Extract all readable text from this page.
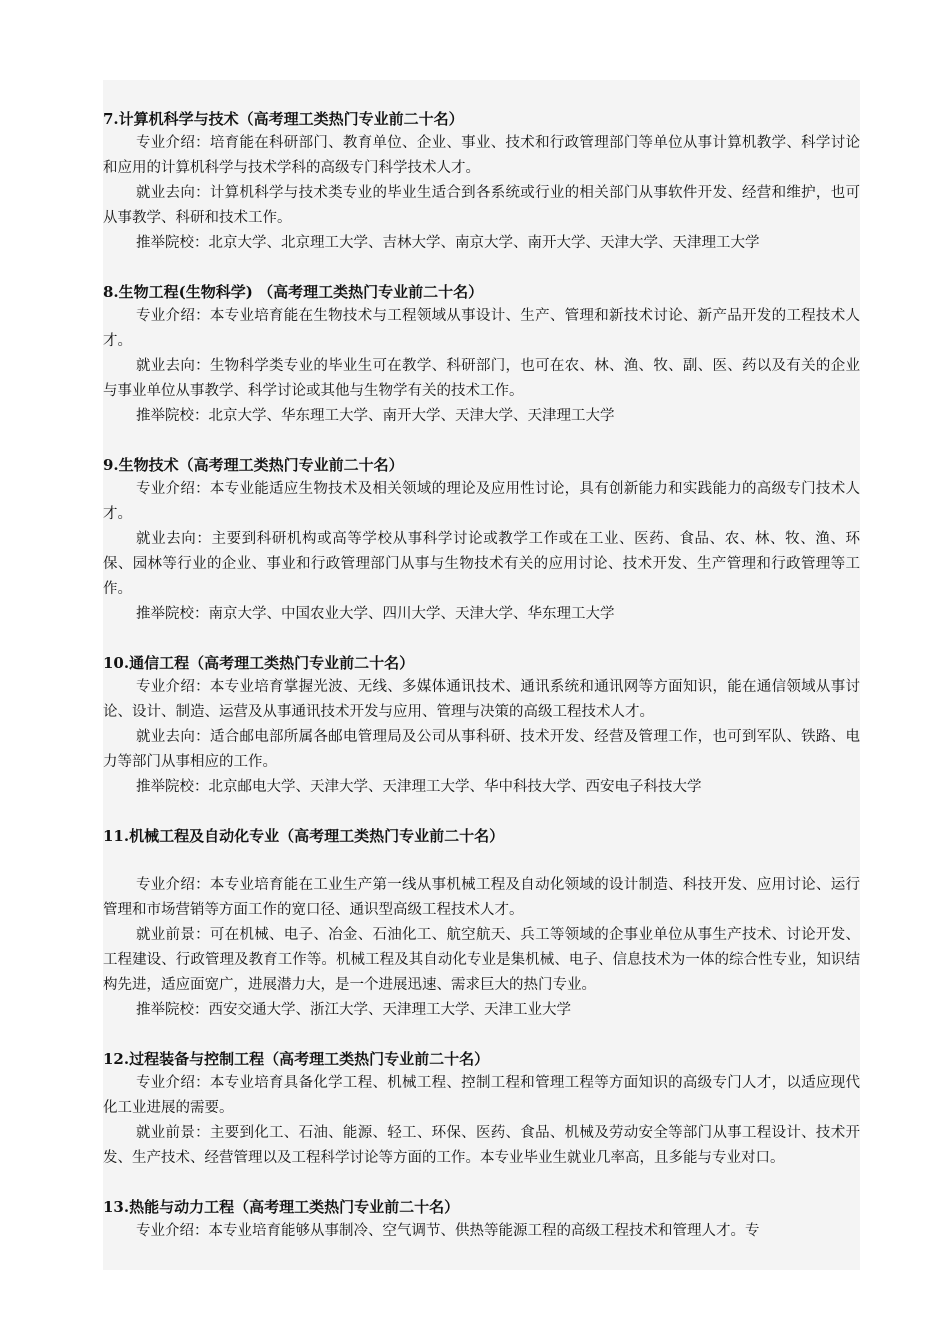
7.计算机科学与技术（高考理工类热门专业前二十名）
专业介绍：培育能在科研部门、教育单位、企业、事业、技术和行政管理部门等单位从事计算机教学、科学讨论和应用的计算机科学与技术学科的高级专门科学技术人才。
就业去向：计算机科学与技术类专业的毕业生适合到各系统或行业的相关部门从事软件开发、经营和维护，也可从事教学、科研和技术工作。
推举院校：北京大学、北京理工大学、吉林大学、南京大学、南开大学、天津大学、天津理工大学
8.生物工程(生物科学) （高考理工类热门专业前二十名）
专业介绍：本专业培育能在生物技术与工程领域从事设计、生产、管理和新技术讨论、新产品开发的工程技术人才。
就业去向：生物科学类专业的毕业生可在教学、科研部门，也可在农、林、渔、牧、副、医、药以及有关的企业与事业单位从事教学、科学讨论或其他与生物学有关的技术工作。
推举院校：北京大学、华东理工大学、南开大学、天津大学、天津理工大学
9.生物技术（高考理工类热门专业前二十名）
专业介绍：本专业能适应生物技术及相关领域的理论及应用性讨论，具有创新能力和实践能力的高级专门技术人才。
就业去向：主要到科研机构或高等学校从事科学讨论或教学工作或在工业、医药、食品、农、林、牧、渔、环保、园林等行业的企业、事业和行政管理部门从事与生物技术有关的应用讨论、技术开发、生产管理和行政管理等工作。
推举院校：南京大学、中国农业大学、四川大学、天津大学、华东理工大学
10.通信工程（高考理工类热门专业前二十名）
专业介绍：本专业培育掌握光波、无线、多媒体通讯技术、通讯系统和通讯网等方面知识，能在通信领域从事讨论、设计、制造、运营及从事通讯技术开发与应用、管理与决策的高级工程技术人才。
就业去向：适合邮电部所属各邮电管理局及公司从事科研、技术开发、经营及管理工作，也可到军队、铁路、电力等部门从事相应的工作。
推举院校：北京邮电大学、天津大学、天津理工大学、华中科技大学、西安电子科技大学
11.机械工程及自动化专业（高考理工类热门专业前二十名）
专业介绍：本专业培育能在工业生产第一线从事机械工程及自动化领域的设计制造、科技开发、应用讨论、运行管理和市场营销等方面工作的宽口径、通识型高级工程技术人才。
就业前景：可在机械、电子、冶金、石油化工、航空航天、兵工等领域的企事业单位从事生产技术、讨论开发、工程建设、行政管理及教育工作等。机械工程及其自动化专业是集机械、电子、信息技术为一体的综合性专业，知识结构先进，适应面宽广，进展潜力大，是一个进展迅速、需求巨大的热门专业。
推举院校：西安交通大学、浙江大学、天津理工大学、天津工业大学
12.过程装备与控制工程（高考理工类热门专业前二十名）
专业介绍：本专业培育具备化学工程、机械工程、控制工程和管理工程等方面知识的高级专门人才，以适应现代化工业进展的需要。
就业前景：主要到化工、石油、能源、轻工、环保、医药、食品、机械及劳动安全等部门从事工程设计、技术开发、生产技术、经营管理以及工程科学讨论等方面的工作。本专业毕业生就业几率高，且多能与专业对口。
13.热能与动力工程（高考理工类热门专业前二十名）
专业介绍：本专业培育能够从事制冷、空气调节、供热等能源工程的高级工程技术和管理人才。专
